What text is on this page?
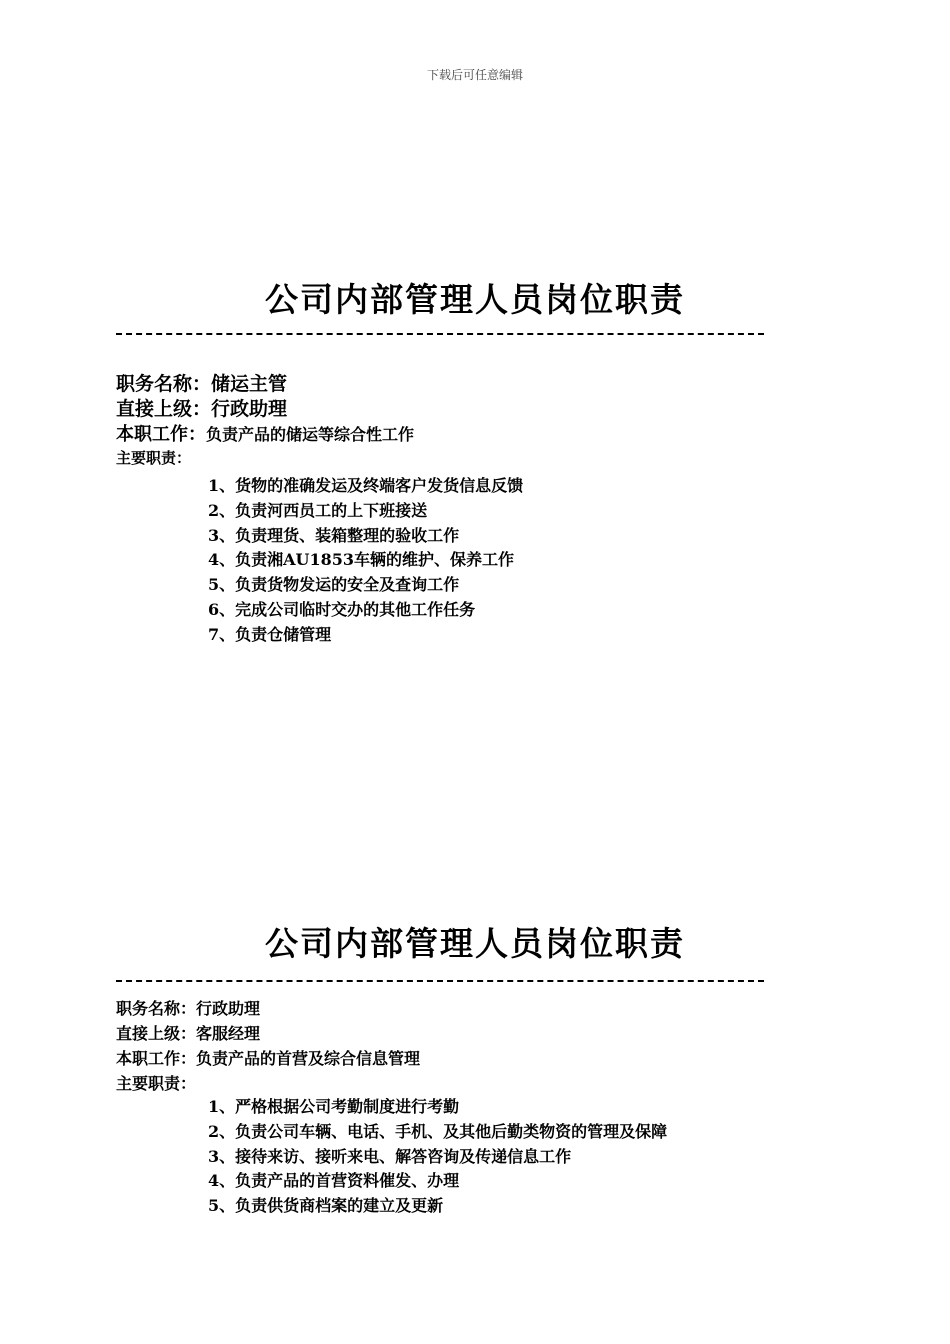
下载后可任意编辑
公司内部管理人员岗位职责
职务名称：储运主管
直接上级：行政助理
本职工作：负责产品的储运等综合性工作
主要职责：
1、货物的准确发运及终端客户发货信息反馈
2、负责河西员工的上下班接送
3、负责理货、装箱整理的验收工作
4、负责湘AU1853车辆的维护、保养工作
5、负责货物发运的安全及查询工作
6、完成公司临时交办的其他工作任务
7、负责仓储管理
公司内部管理人员岗位职责
职务名称：行政助理
直接上级：客服经理
本职工作：负责产品的首营及综合信息管理
主要职责：
1、严格根据公司考勤制度进行考勤
2、负责公司车辆、电话、手机、及其他后勤类物资的管理及保障
3、接待来访、接听来电、解答咨询及传递信息工作
4、负责产品的首营资料催发、办理
5、负责供货商档案的建立及更新
